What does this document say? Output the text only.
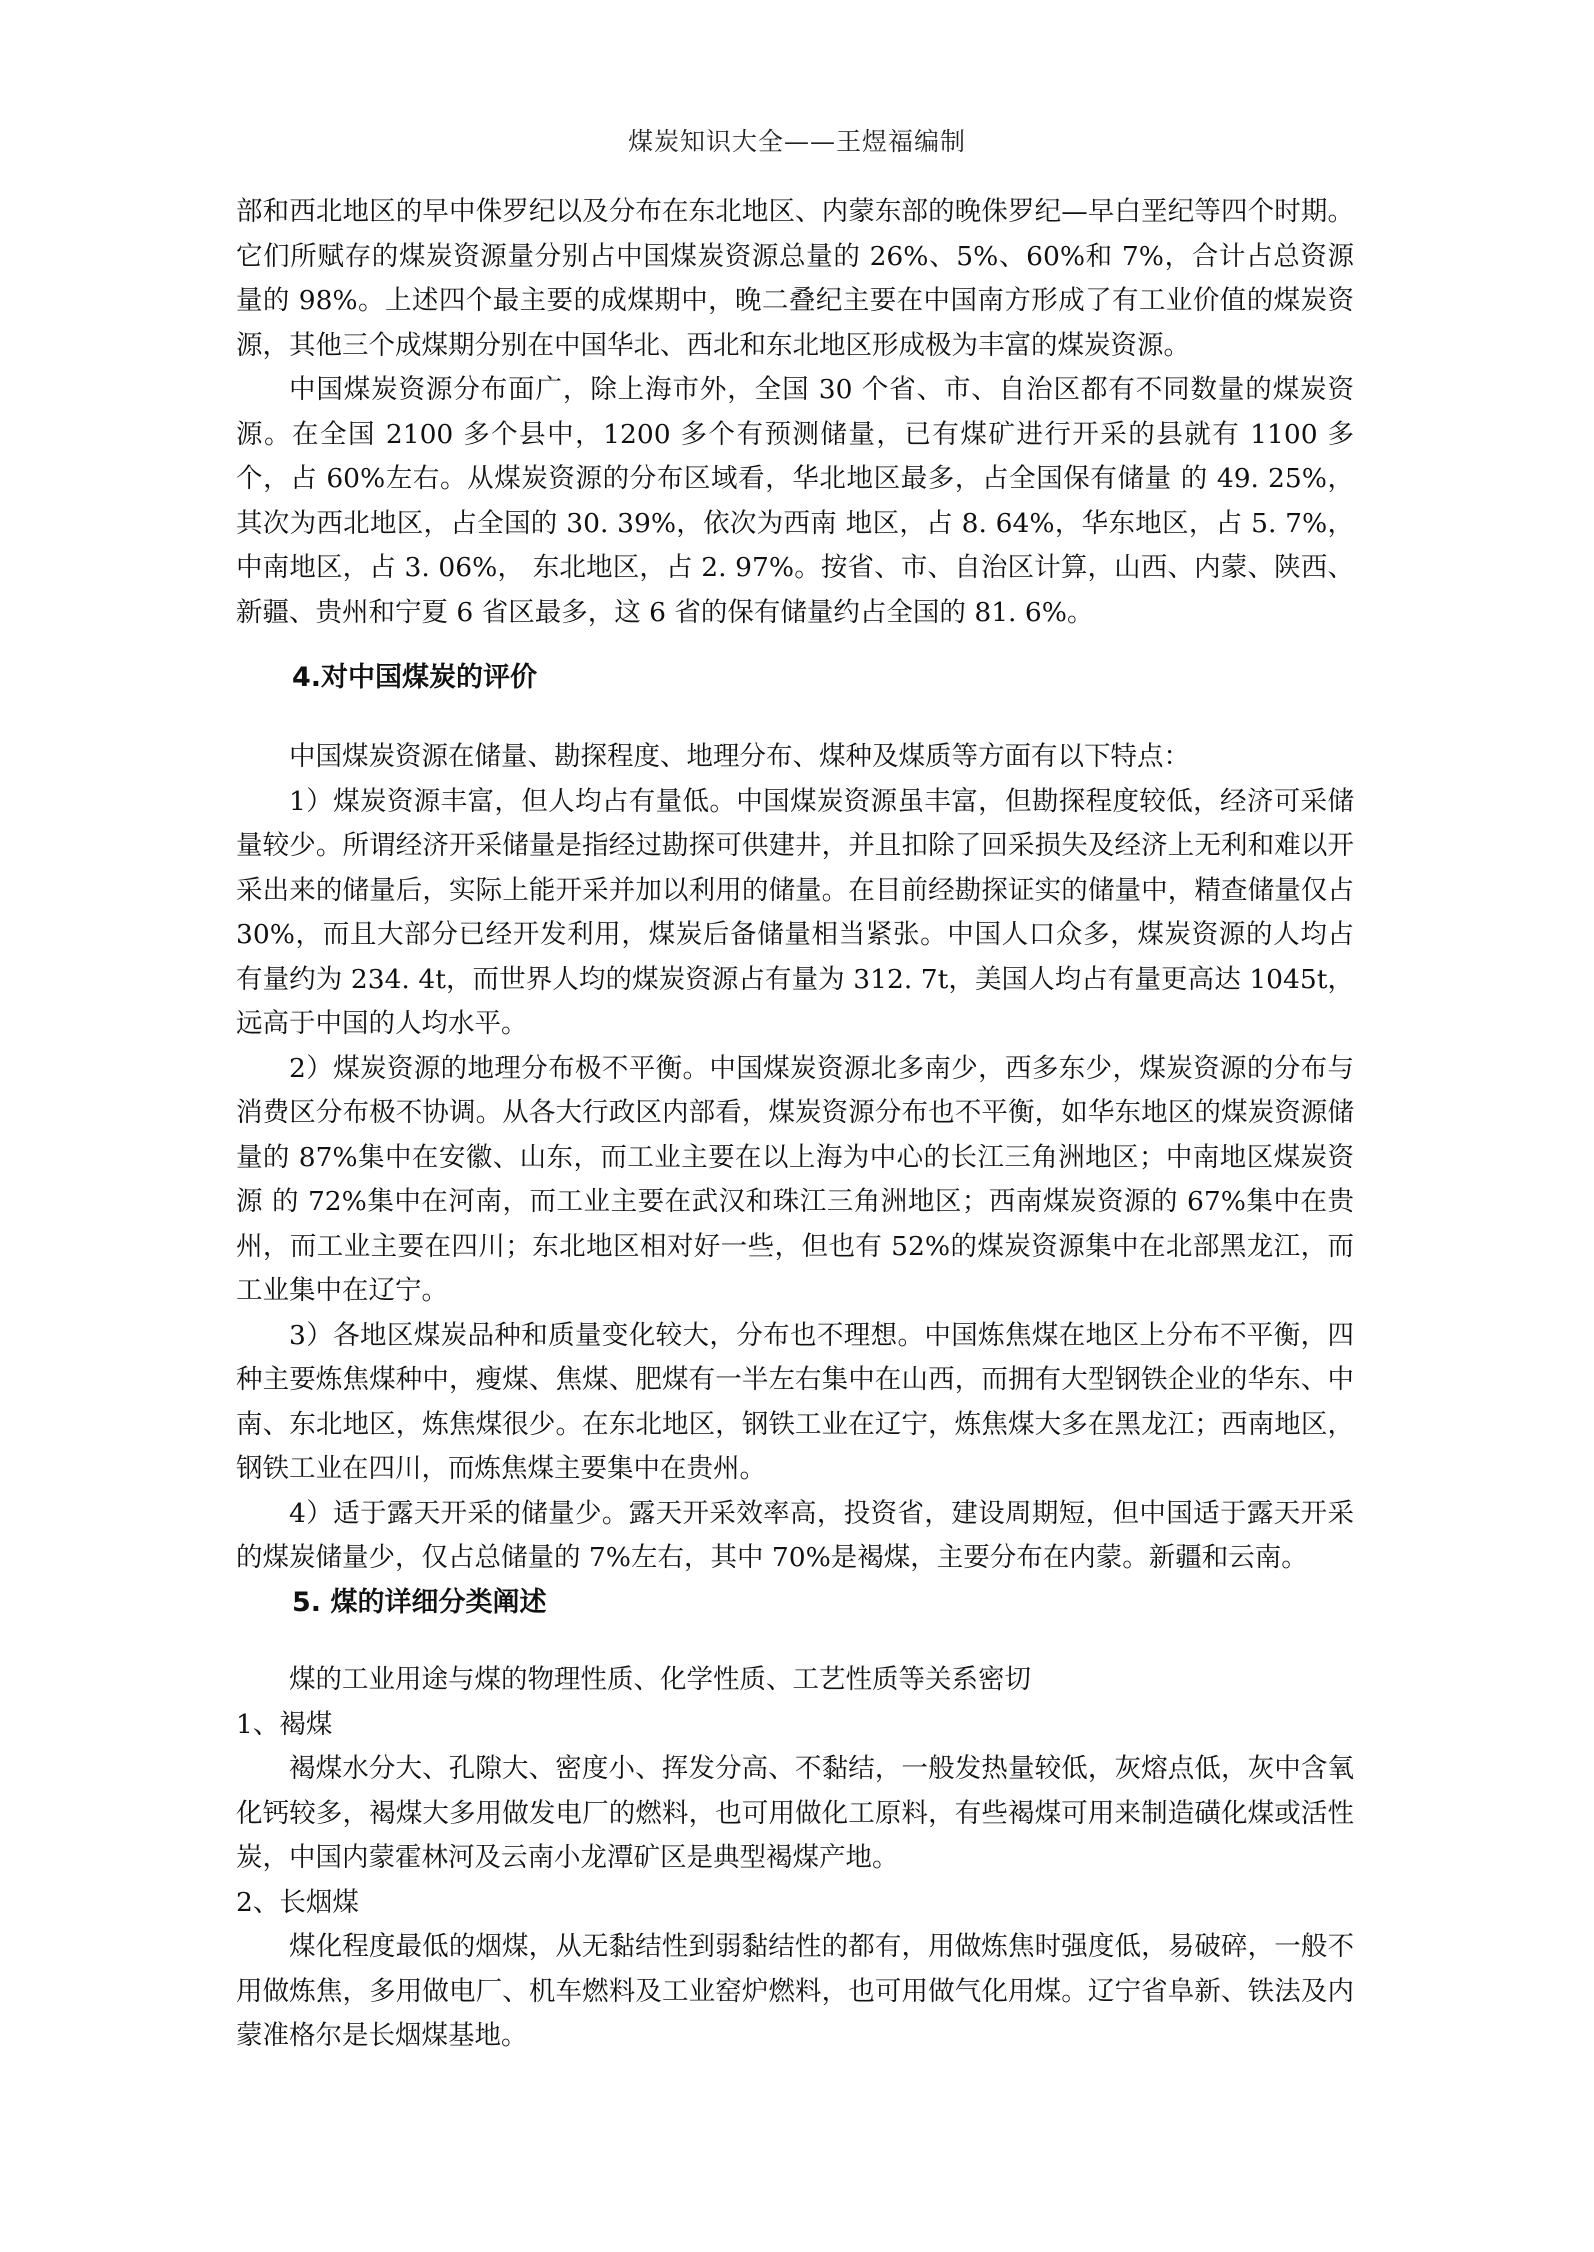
煤炭知识大全——王煜福编制

部和西北地区的早中侏罗纪以及分布在东北地区、内蒙东部的晚侏罗纪—早白垩纪等四个时期。它们所赋存的煤炭资源量分别占中国煤炭资源总量的 26%、5%、60%和 7%，合计占总资源量的 98%。上述四个最主要的成煤期中，晚二叠纪主要在中国南方形成了有工业价值的煤炭资源，其他三个成煤期分别在中国华北、西北和东北地区形成极为丰富的煤炭资源。

中国煤炭资源分布面广，除上海市外，全国 30 个省、市、自治区都有不同数量的煤炭资源。在全国 2100 多个县中，1200 多个有预测储量，已有煤矿进行开采的县就有 1100 多个，占 60%左右。从煤炭资源的分布区域看，华北地区最多，占全国保有储量 的 49. 25%，其次为西北地区，占全国的 30. 39%，依次为西南 地区，占 8. 64%，华东地区，占 5. 7%，中南地区，占 3. 06%， 东北地区，占 2. 97%。按省、市、自治区计算，山西、内蒙、陕西、新疆、贵州和宁夏 6 省区最多，这 6 省的保有储量约占全国的 81. 6%。

4.对中国煤炭的评价

中国煤炭资源在储量、勘探程度、地理分布、煤种及煤质等方面有以下特点：

1）煤炭资源丰富，但人均占有量低。中国煤炭资源虽丰富，但勘探程度较低，经济可采储量较少。所谓经济开采储量是指经过勘探可供建井，并且扣除了回采损失及经济上无利和难以开采出来的储量后，实际上能开采并加以利用的储量。在目前经勘探证实的储量中，精查储量仅占 30%，而且大部分已经开发利用，煤炭后备储量相当紧张。中国人口众多，煤炭资源的人均占有量约为 234. 4t，而世界人均的煤炭资源占有量为 312. 7t，美国人均占有量更高达 1045t，远高于中国的人均水平。

2）煤炭资源的地理分布极不平衡。中国煤炭资源北多南少，西多东少，煤炭资源的分布与消费区分布极不协调。从各大行政区内部看，煤炭资源分布也不平衡，如华东地区的煤炭资源储量的 87%集中在安徽、山东，而工业主要在以上海为中心的长江三角洲地区；中南地区煤炭资源 的 72%集中在河南，而工业主要在武汉和珠江三角洲地区；西南煤炭资源的 67%集中在贵州，而工业主要在四川；东北地区相对好一些，但也有 52%的煤炭资源集中在北部黑龙江，而工业集中在辽宁。

3）各地区煤炭品种和质量变化较大，分布也不理想。中国炼焦煤在地区上分布不平衡，四种主要炼焦煤种中，瘦煤、焦煤、肥煤有一半左右集中在山西，而拥有大型钢铁企业的华东、中南、东北地区，炼焦煤很少。在东北地区，钢铁工业在辽宁，炼焦煤大多在黑龙江；西南地区，钢铁工业在四川，而炼焦煤主要集中在贵州。

4）适于露天开采的储量少。露天开采效率高，投资省，建设周期短，但中国适于露天开采的煤炭储量少，仅占总储量的 7%左右，其中 70%是褐煤，主要分布在内蒙。新疆和云南。

5. 煤的详细分类阐述

煤的工业用途与煤的物理性质、化学性质、工艺性质等关系密切

1、褐煤

褐煤水分大、孔隙大、密度小、挥发分高、不黏结，一般发热量较低，灰熔点低，灰中含氧化钙较多，褐煤大多用做发电厂的燃料，也可用做化工原料，有些褐煤可用来制造磺化煤或活性炭，中国内蒙霍林河及云南小龙潭矿区是典型褐煤产地。

2、长烟煤

煤化程度最低的烟煤，从无黏结性到弱黏结性的都有，用做炼焦时强度低，易破碎，一般不用做炼焦，多用做电厂、机车燃料及工业窑炉燃料，也可用做气化用煤。辽宁省阜新、铁法及内蒙准格尔是长烟煤基地。
